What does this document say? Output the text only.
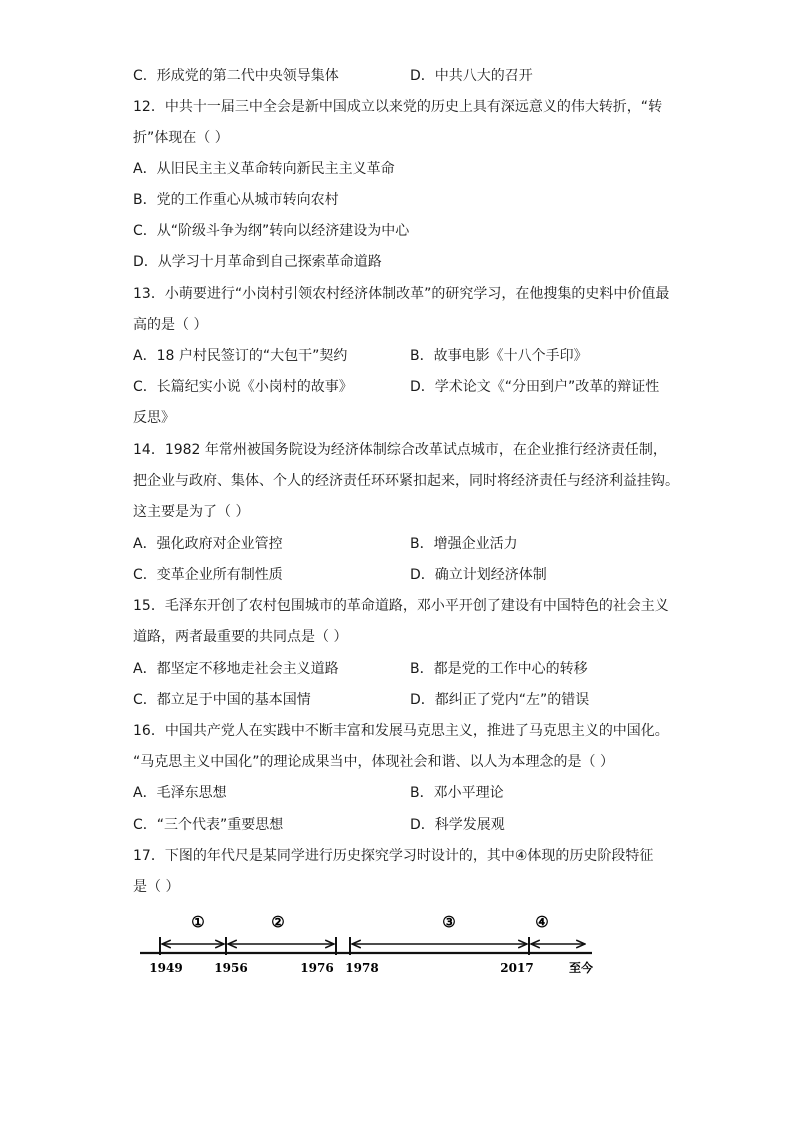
C．形成党的第二代中央领导集体	D．中共八大的召开
12．中共十一届三中全会是新中国成立以来党的历史上具有深远意义的伟大转折，“转
折”体现在（ ）
A．从旧民主主义革命转向新民主主义革命
B．党的工作重心从城市转向农村
C．从“阶级斗争为纲”转向以经济建设为中心
D．从学习十月革命到自己探索革命道路
13．小萌要进行“小岗村引领农村经济体制改革”的研究学习，在他搜集的史料中价值最
高的是（ ）
A．18 户村民签订的“大包干”契约	B．故事电影《十八个手印》
C．长篇纪实小说《小岗村的故事》	D．学术论文《“分田到户”改革的辩证性
反思》
14．1982 年常州被国务院设为经济体制综合改革试点城市，在企业推行经济责任制，
把企业与政府、集体、个人的经济责任环环紧扣起来，同时将经济责任与经济利益挂钩。
这主要是为了（ ）
A．强化政府对企业管控	B．增强企业活力
C．变革企业所有制性质	D．确立计划经济体制
15．毛泽东开创了农村包围城市的革命道路，邓小平开创了建设有中国特色的社会主义
道路，两者最重要的共同点是（ ）
A．都坚定不移地走社会主义道路	B．都是党的工作中心的转移
C．都立足于中国的基本国情	D．都纠正了党内“左”的错误
16．中国共产党人在实践中不断丰富和发展马克思主义，推进了马克思主义的中国化。
“马克思主义中国化”的理论成果当中，体现社会和谐、以人为本理念的是（ ）
A．毛泽东思想	B．邓小平理论
C．“三个代表”重要思想	D．科学发展观
17．下图的年代尺是某同学进行历史探究学习时设计的，其中④体现的历史阶段特征
是（ ）
①	②	③	④
1949	1956	1976 1978	2017	至今
